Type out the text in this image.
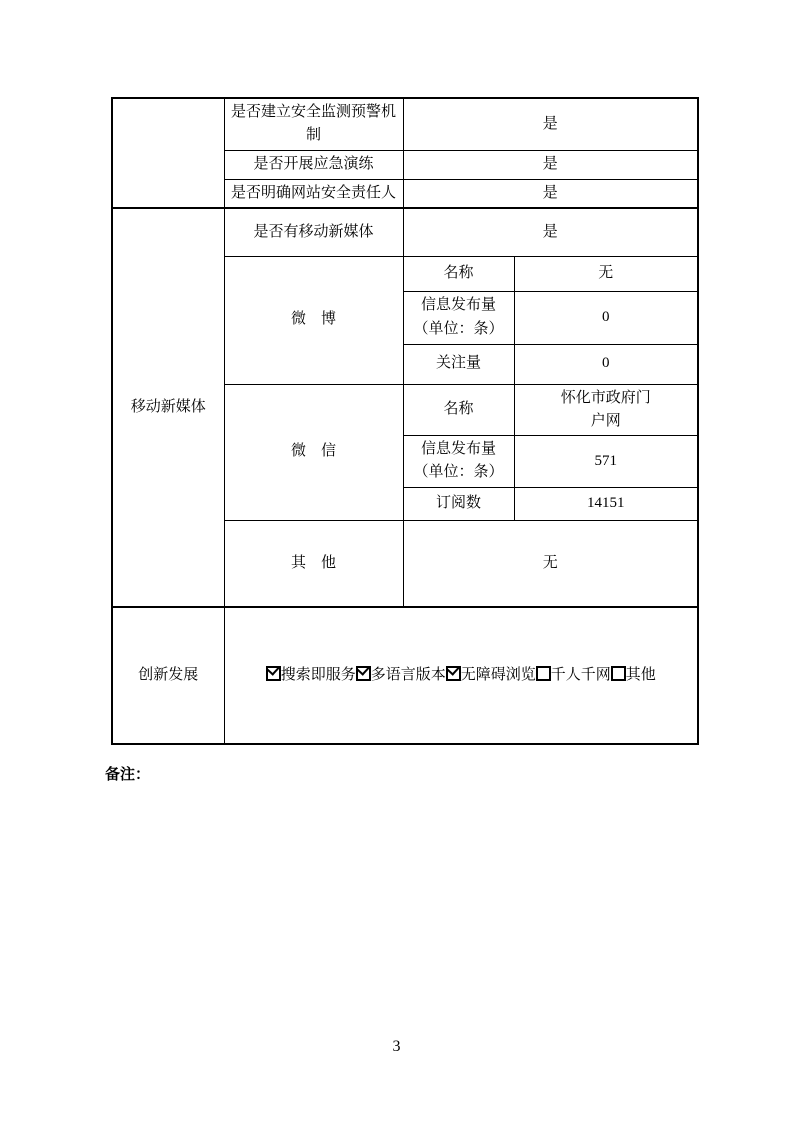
	是否建立安全监测预警机制	是	
	是否开展应急演练	是	
	是否明确网站安全责任人	是	
移动新媒体	是否有移动新媒体	是	
	微　博	名称	无
		信息发布量（单位：条）	0
		关注量	0
	微　信	名称	怀化市政府门户网
		信息发布量（单位：条）	571
		订阅数	14151
	其　他	无	
创新发展	搜索即服务 多语言版本 无障碍浏览 千人千网 其他		
备注：
3
